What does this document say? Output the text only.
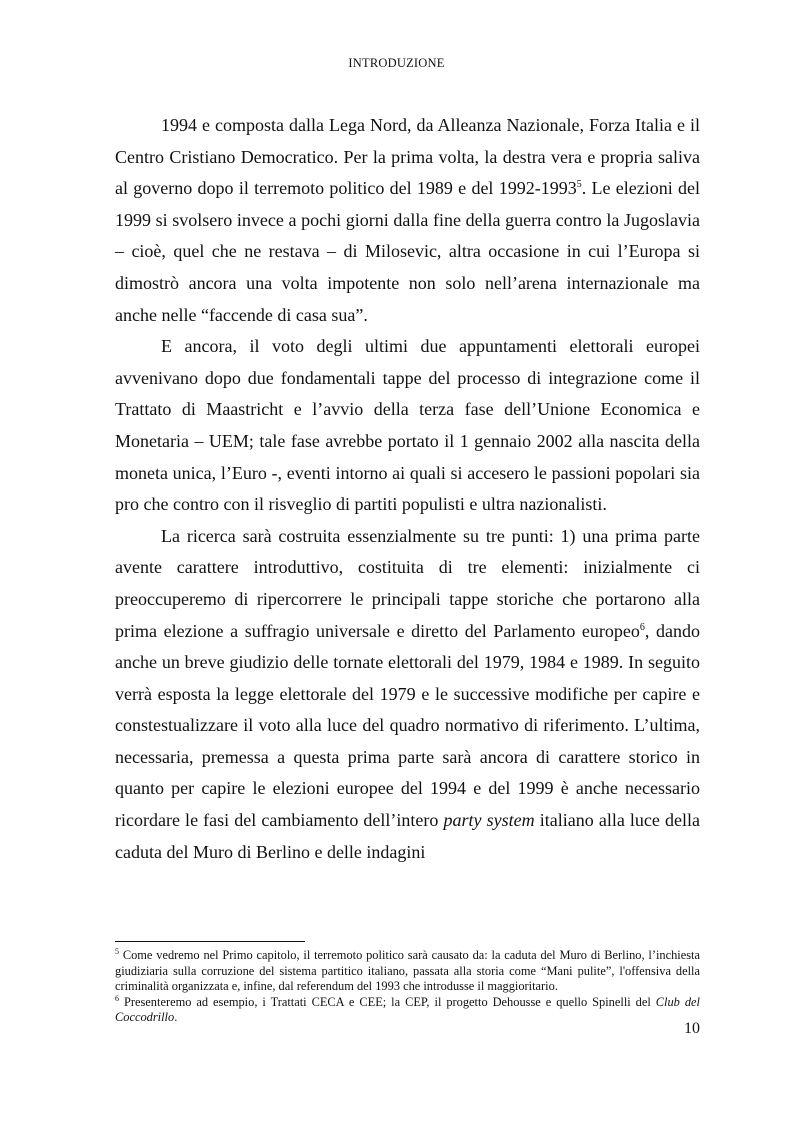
INTRODUZIONE

1994 e composta dalla Lega Nord, da Alleanza Nazionale, Forza Italia e il Centro Cristiano Democratico. Per la prima volta, la destra vera e propria saliva al governo dopo il terremoto politico del 1989 e del 1992-1993$^5$. Le elezioni del 1999 si svolsero invece a pochi giorni dalla fine della guerra contro la Jugoslavia – cioè, quel che ne restava – di Milosevic, altra occasione in cui l’Europa si dimostrò ancora una volta impotente non solo nell’arena internazionale ma anche nelle “faccende di casa sua”.

E ancora, il voto degli ultimi due appuntamenti elettorali europei avvenivano dopo due fondamentali tappe del processo di integrazione come il Trattato di Maastricht e l’avvio della terza fase dell’Unione Economica e Monetaria – UEM; tale fase avrebbe portato il 1 gennaio 2002 alla nascita della moneta unica, l’Euro -, eventi intorno ai quali si accesero le passioni popolari sia pro che contro con il risveglio di partiti populisti e ultra nazionalisti.

La ricerca sarà costruita essenzialmente su tre punti: 1) una prima parte avente carattere introduttivo, costituita di tre elementi: inizialmente ci preoccuperemo di ripercorrere le principali tappe storiche che portarono alla prima elezione a suffragio universale e diretto del Parlamento europeo$^6$, dando anche un breve giudizio delle tornate elettorali del 1979, 1984 e 1989. In seguito verrà esposta la legge elettorale del 1979 e le successive modifiche per capire e constestualizzare il voto alla luce del quadro normativo di riferimento. L’ultima, necessaria, premessa a questa prima parte sarà ancora di carattere storico in quanto per capire le elezioni europee del 1994 e del 1999 è anche necessario ricordare le fasi del cambiamento dell’intero party system italiano alla luce della caduta del Muro di Berlino e delle indagini

$^5$ Come vedremo nel Primo capitolo, il terremoto politico sarà causato da: la caduta del Muro di Berlino, l’inchiesta giudiziaria sulla corruzione del sistema partitico italiano, passata alla storia come “Mani pulite”, l'offensiva della criminalità organizzata e, infine, dal referendum del 1993 che introdusse il maggioritario.

$^6$ Presenteremo ad esempio, i Trattati CECA e CEE; la CEP, il progetto Dehousse e quello Spinelli del Club del Coccodrillo.

10
